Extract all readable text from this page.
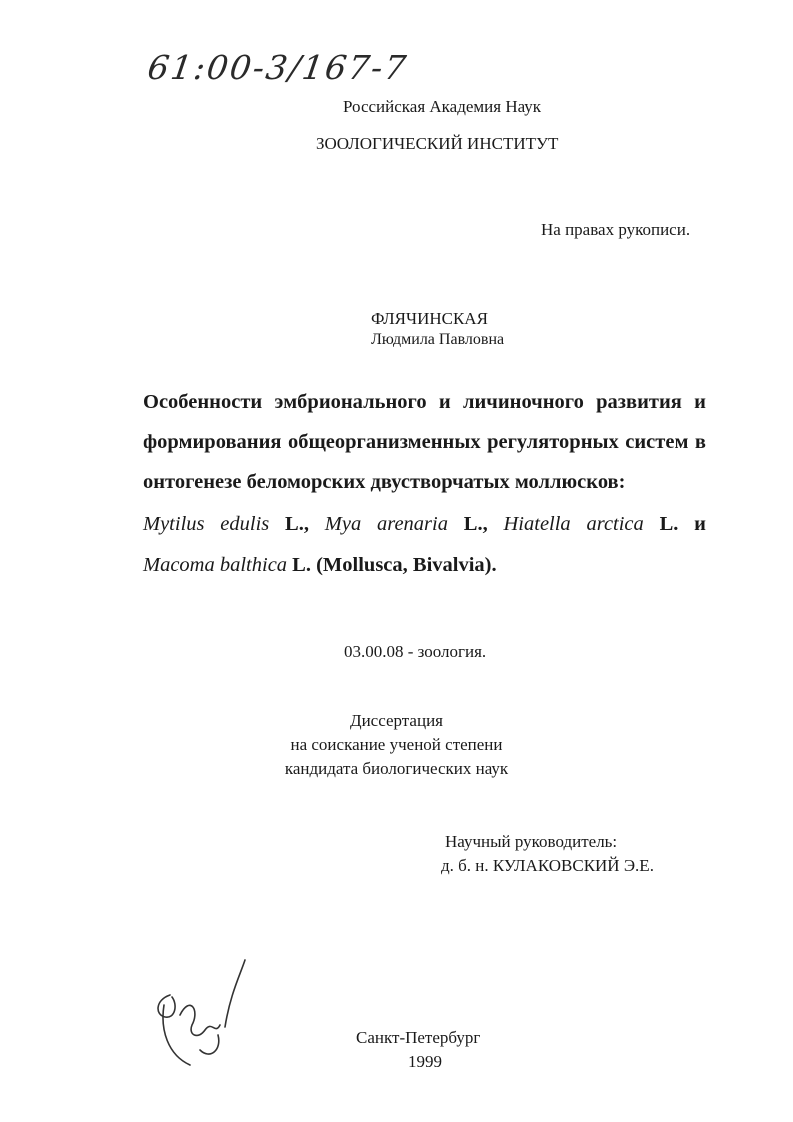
61:00-3/167-7
Российская Академия Наук
ЗООЛОГИЧЕСКИЙ ИНСТИТУТ
На правах рукописи.
ФЛЯЧИНСКАЯ
Людмила Павловна
Особенности эмбрионального и личиночного развития и
формирования общеорганизменных регуляторных систем в
онтогенезе беломорских двустворчатых моллюсков:
Mytilus edulis L., Mya arenaria L., Hiatella arctica L. и
Macoma balthica L. (Mollusca, Bivalvia).
03.00.08 - зоология.
Диссертация
на соискание ученой степени
кандидата биологических наук
Научный руководитель:
д. б. н. КУЛАКОВСКИЙ Э.Е.
Санкт-Петербург
1999
